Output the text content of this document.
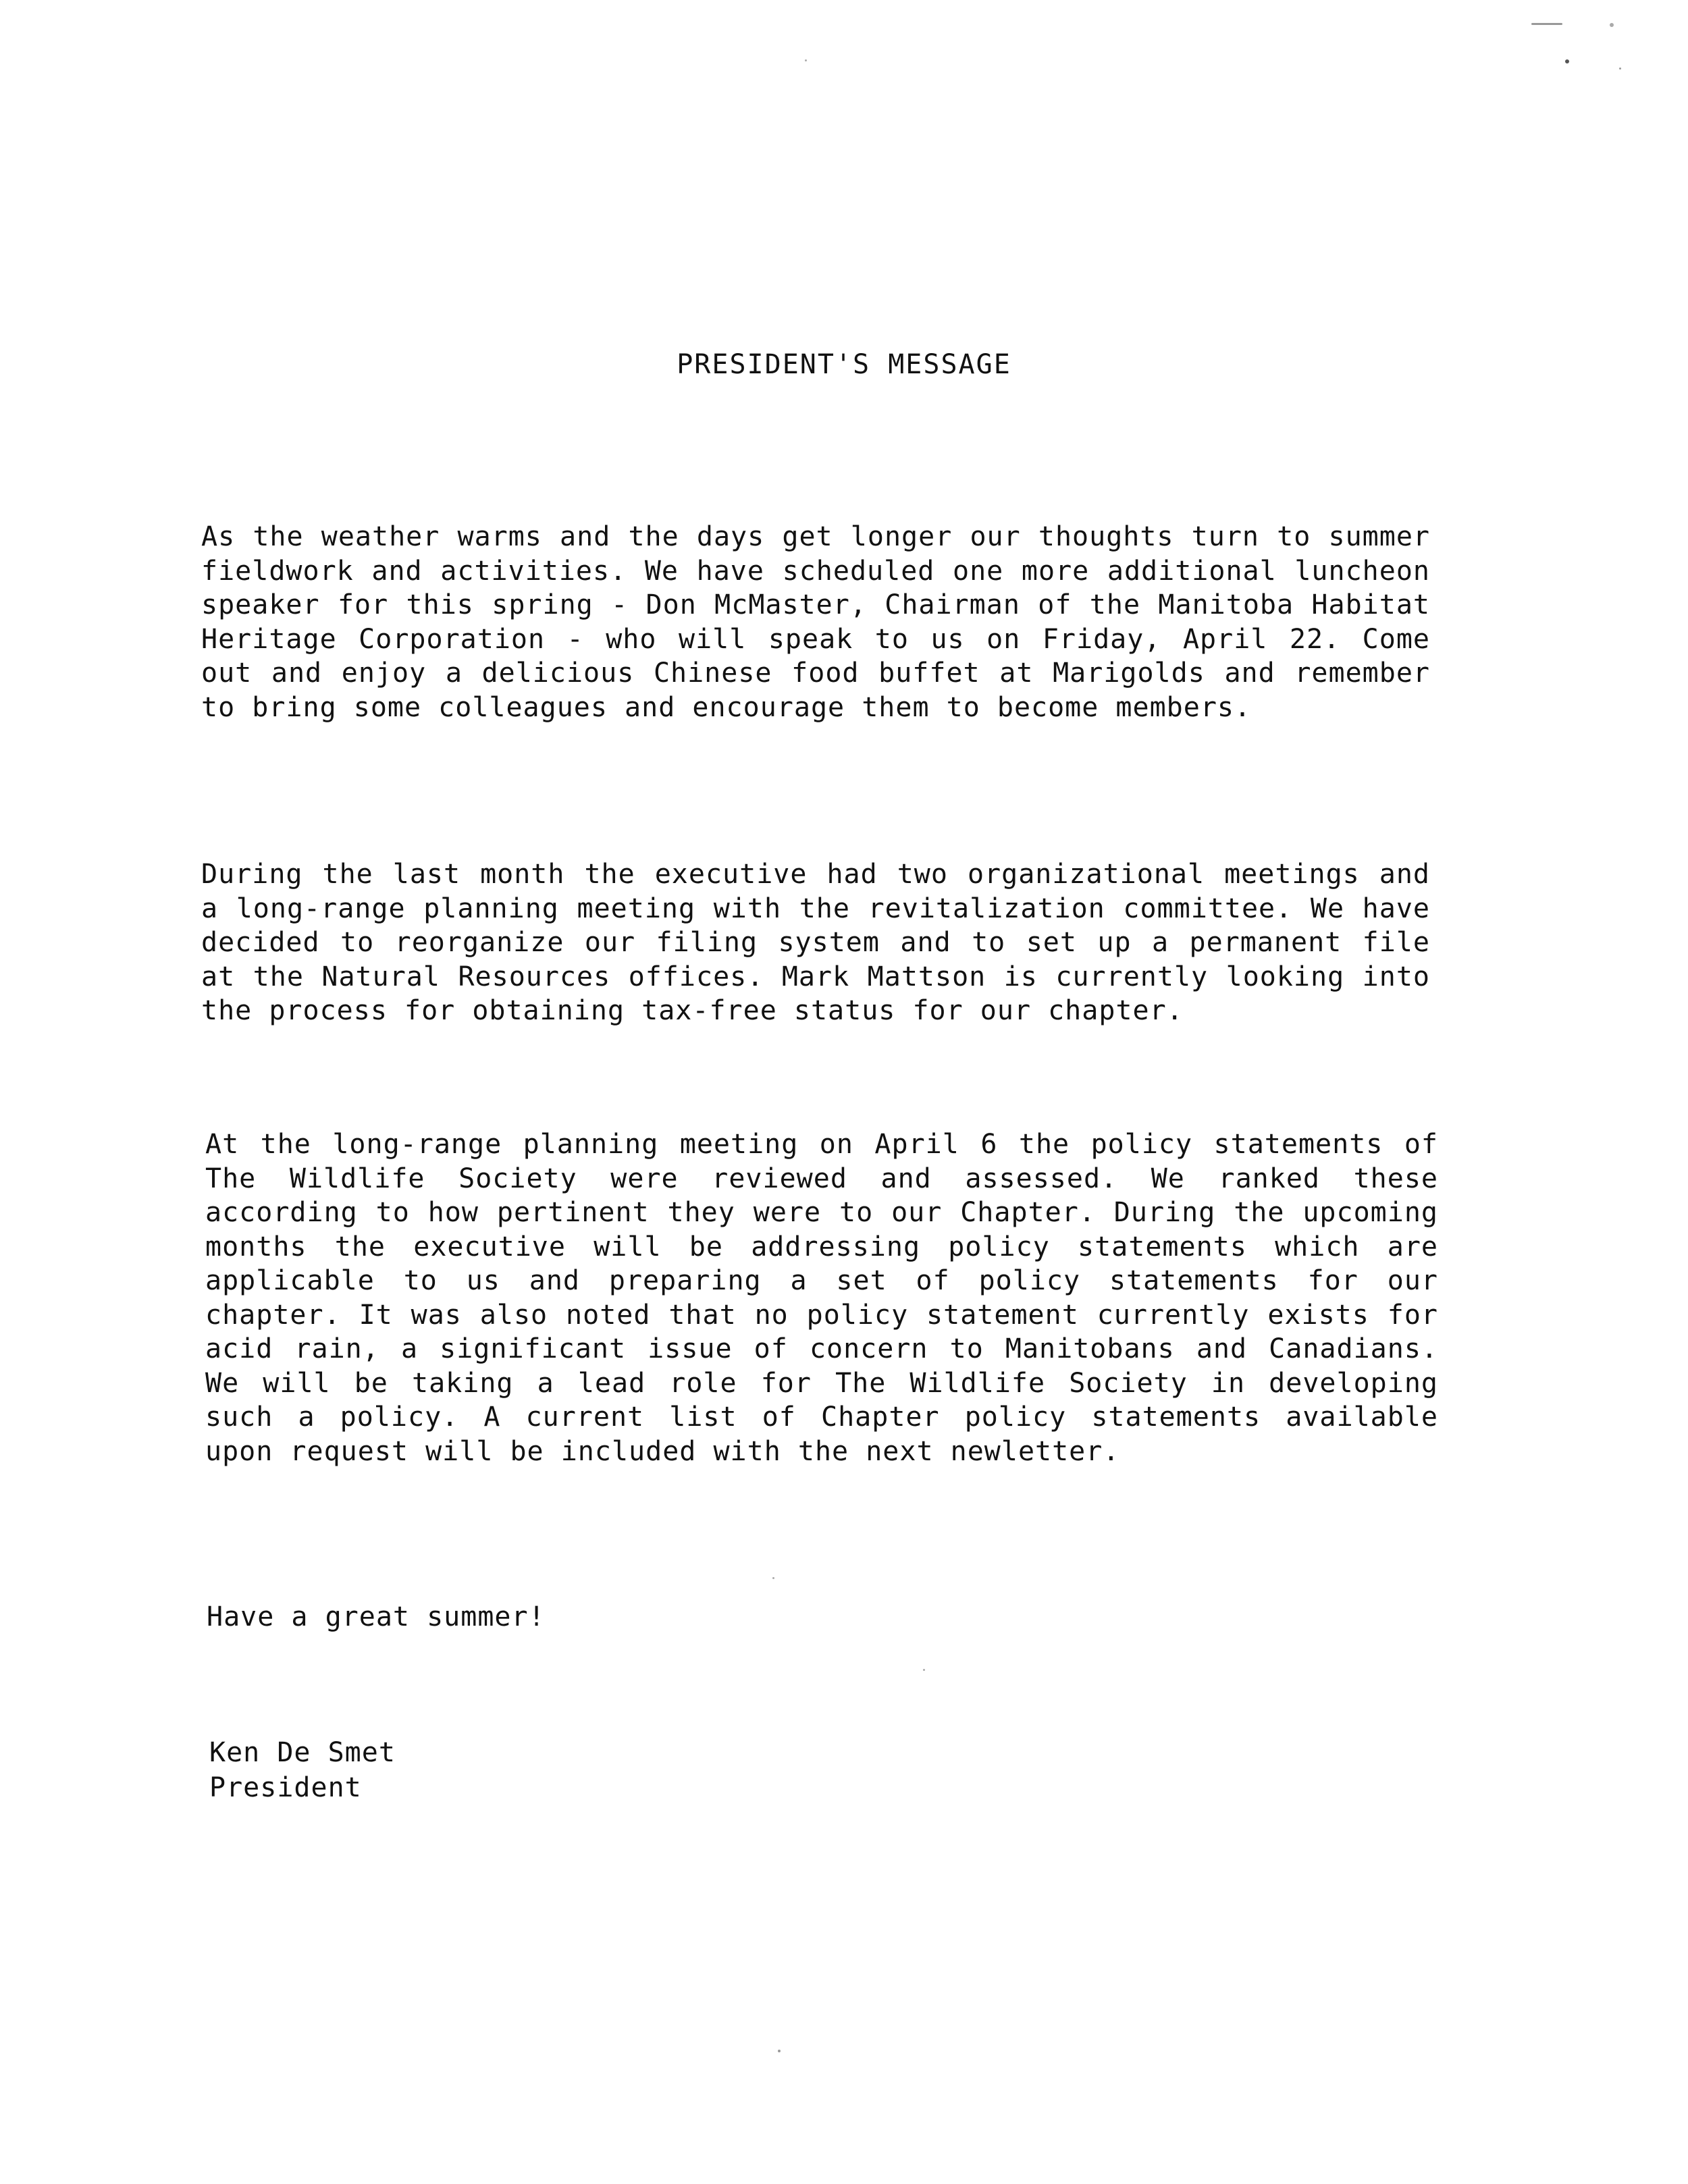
PRESIDENT'S MESSAGE

As the weather warms and the days get longer our thoughts turn to summer fieldwork and activities. We have scheduled one more additional luncheon speaker for this spring - Don McMaster, Chairman of the Manitoba Habitat Heritage Corporation - who will speak to us on Friday, April 22. Come out and enjoy a delicious Chinese food buffet at Marigolds and remember to bring some colleagues and encourage them to become members.

During the last month the executive had two organizational meetings and a long-range planning meeting with the revitalization committee. We have decided to reorganize our filing system and to set up a permanent file at the Natural Resources offices. Mark Mattson is currently looking into the process for obtaining tax-free status for our chapter.

At the long-range planning meeting on April 6 the policy statements of The Wildlife Society were reviewed and assessed. We ranked these according to how pertinent they were to our Chapter. During the upcoming months the executive will be addressing policy statements which are applicable to us and preparing a set of policy statements for our chapter. It was also noted that no policy statement currently exists for acid rain, a significant issue of concern to Manitobans and Canadians. We will be taking a lead role for The Wildlife Society in developing such a policy. A current list of Chapter policy statements available upon request will be included with the next newletter.

Have a great summer!
Ken De Smet
President
